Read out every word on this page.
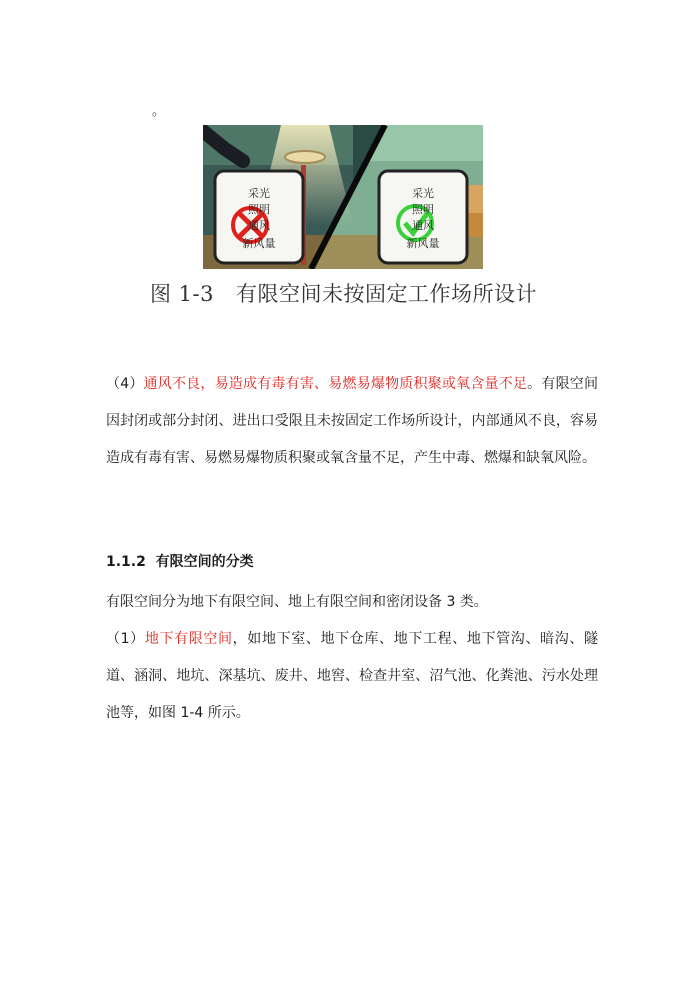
。
采光
照明
通风
新风量
采光
照明
通风
新风量
图 1-3 有限空间未按固定工作场所设计
（4）通风不良，易造成有毒有害、易燃易爆物质积聚或氧含量不足。有限空间因封闭或部分封闭、进出口受限且未按固定工作场所设计，内部通风不良，容易造成有毒有害、易燃易爆物质积聚或氧含量不足，产生中毒、燃爆和缺氧风险。
1.1.2 有限空间的分类
有限空间分为地下有限空间、地上有限空间和密闭设备 3 类。
（1）地下有限空间，如地下室、地下仓库、地下工程、地下管沟、暗沟、隧道、涵洞、地坑、深基坑、废井、地窖、检查井室、沼气池、化粪池、污水处理池等，如图 1-4 所示。
